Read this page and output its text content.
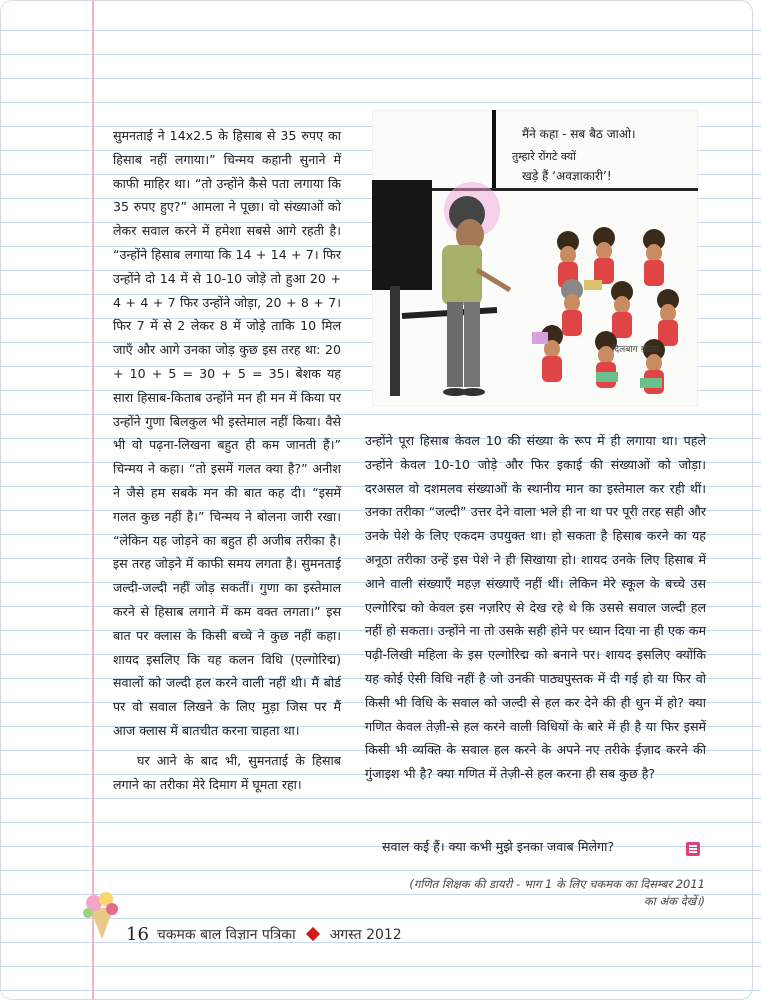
सुमनताई ने 14x2.5 के हिसाब से 35 रुपए का हिसाब नहीं लगाया।” चिन्मय कहानी सुनाने में काफी माहिर था। “तो उन्होंने कैसे पता लगाया कि 35 रुपए हुए?” आमला ने पूछा। वो संख्याओं को लेकर सवाल करने में हमेशा सबसे आगे रहती है। “उन्होंने हिसाब लगाया कि 14 + 14 + 7। फिर उन्होंने दो 14 में से 10-10 जोड़े तो हुआ 20 + 4 + 4 + 7 फिर उन्होंने जोड़ा, 20 + 8 + 7। फिर 7 में से 2 लेकर 8 में जोड़े ताकि 10 मिल जाएँ और आगे उनका जोड़ कुछ इस तरह था: 20 + 10 + 5 = 30 + 5 = 35। बेशक यह सारा हिसाब-किताब उन्होंने मन ही मन में किया पर उन्होंने गुणा बिलकुल भी इस्तेमाल नहीं किया। वैसे भी वो पढ़ना-लिखना बहुत ही कम जानती हैं।” चिन्मय ने कहा। “तो इसमें गलत क्या है?” अनीश ने जैसे हम सबके मन की बात कह दी। “इसमें गलत कुछ नहीं है।” चिन्मय ने बोलना जारी रखा। “लेकिन यह जोड़ने का बहुत ही अजीब तरीका है। इस तरह जोड़ने में काफी समय लगता है। सुमनताई जल्दी-जल्दी नहीं जोड़ सकतीं। गुणा का इस्तेमाल करने से हिसाब लगाने में कम वक्त लगता।” इस बात पर क्लास के किसी बच्चे ने कुछ नहीं कहा। शायद इसलिए कि यह कलन विधि (एल्गोरिद्म) सवालों को जल्दी हल करने वाली नहीं थी। मैं बोर्ड पर वो सवाल लिखने के लिए मुड़ा जिस पर मैं आज क्लास में बातचीत करना चाहता था।

घर आने के बाद भी, सुमनताई के हिसाब लगाने का तरीका मेरे दिमाग में घूमता रहा।

मैंने कहा - सब बैठ जाओ।
तुम्हारे रोंगटे क्यों
खड़े हैं ‘अवज्ञाकारी’!
दिलबाग ग़ौतम

उन्होंने पूरा हिसाब केवल 10 की संख्या के रूप में ही लगाया था। पहले उन्होंने केवल 10-10 जोड़े और फिर इकाई की संख्याओं को जोड़ा। दरअसल वो दशमलव संख्याओं के स्थानीय मान का इस्तेमाल कर रही थीं। उनका तरीका “जल्दी” उत्तर देने वाला भले ही ना था पर पूरी तरह सही और उनके पेशे के लिए एकदम उपयुक्त था। हो सकता है हिसाब करने का यह अनूठा तरीका उन्हें इस पेशे ने ही सिखाया हो। शायद उनके लिए हिसाब में आने वाली संख्याएँ महज़ संख्याएँ नहीं थीं। लेकिन मेरे स्कूल के बच्चे उस एल्गोरिद्म को केवल इस नज़रिए से देख रहे थे कि उससे सवाल जल्दी हल नहीं हो सकता। उन्होंने ना तो उसके सही होने पर ध्यान दिया ना ही एक कम पढ़ी-लिखी महिला के इस एल्गोरिद्म को बनाने पर। शायद इसलिए क्योंकि यह कोई ऐसी विधि नहीं है जो उनकी पाठ्यपुस्तक में दी गई हो या फिर वो किसी भी विधि के सवाल को जल्दी से हल कर देने की ही धुन में हो? क्या गणित केवल तेज़ी-से हल करने वाली विधियों के बारे में ही है या फिर इसमें किसी भी व्यक्ति के सवाल हल करने के अपने नए तरीके ईज़ाद करने की गुंजाइश भी है? क्या गणित में तेज़ी-से हल करना ही सब कुछ है?

सवाल कई हैं। क्या कभी मुझे इनका जवाब मिलेगा?
(गणित शिक्षक की डायरी - भाग 1 के लिए चकमक का दिसम्बर 2011 का अंक देखें।)
16 चकमक बाल विज्ञान पत्रिका अगस्त 2012
